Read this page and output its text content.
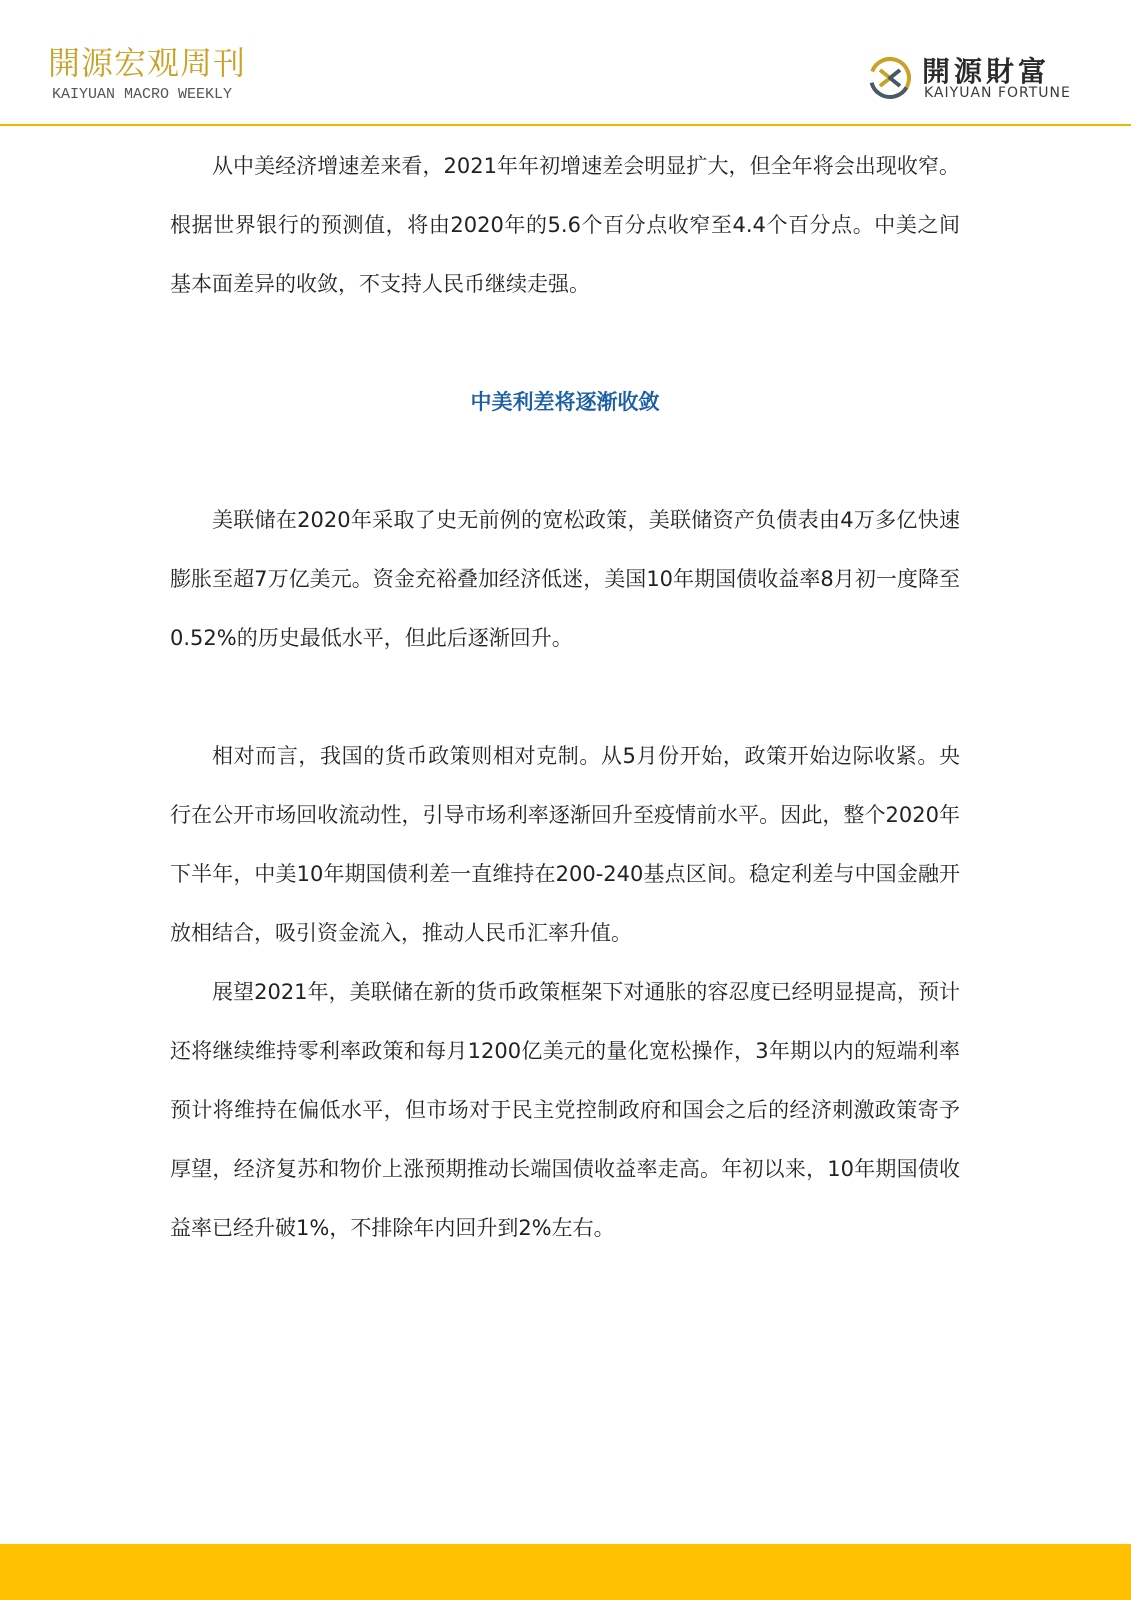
開源宏观周刊
KAIYUAN MACRO WEEKLY
開源財富
KAIYUAN FORTUNE

从中美经济增速差来看，2021年年初增速差会明显扩大，但全年将会出现收窄。根据世界银行的预测值，将由2020年的5.6个百分点收窄至4.4个百分点。中美之间基本面差异的收敛，不支持人民币继续走强。

中美利差将逐渐收敛

美联储在2020年采取了史无前例的宽松政策，美联储资产负债表由4万多亿快速膨胀至超7万亿美元。资金充裕叠加经济低迷，美国10年期国债收益率8月初一度降至0.52%的历史最低水平，但此后逐渐回升。

相对而言，我国的货币政策则相对克制。从5月份开始，政策开始边际收紧。央行在公开市场回收流动性，引导市场利率逐渐回升至疫情前水平。因此，整个2020年下半年，中美10年期国债利差一直维持在200-240基点区间。稳定利差与中国金融开放相结合，吸引资金流入，推动人民币汇率升值。

展望2021年，美联储在新的货币政策框架下对通胀的容忍度已经明显提高，预计还将继续维持零利率政策和每月1200亿美元的量化宽松操作，3年期以内的短端利率预计将维持在偏低水平，但市场对于民主党控制政府和国会之后的经济刺激政策寄予厚望，经济复苏和物价上涨预期推动长端国债收益率走高。年初以来，10年期国债收益率已经升破1%，不排除年内回升到2%左右。
